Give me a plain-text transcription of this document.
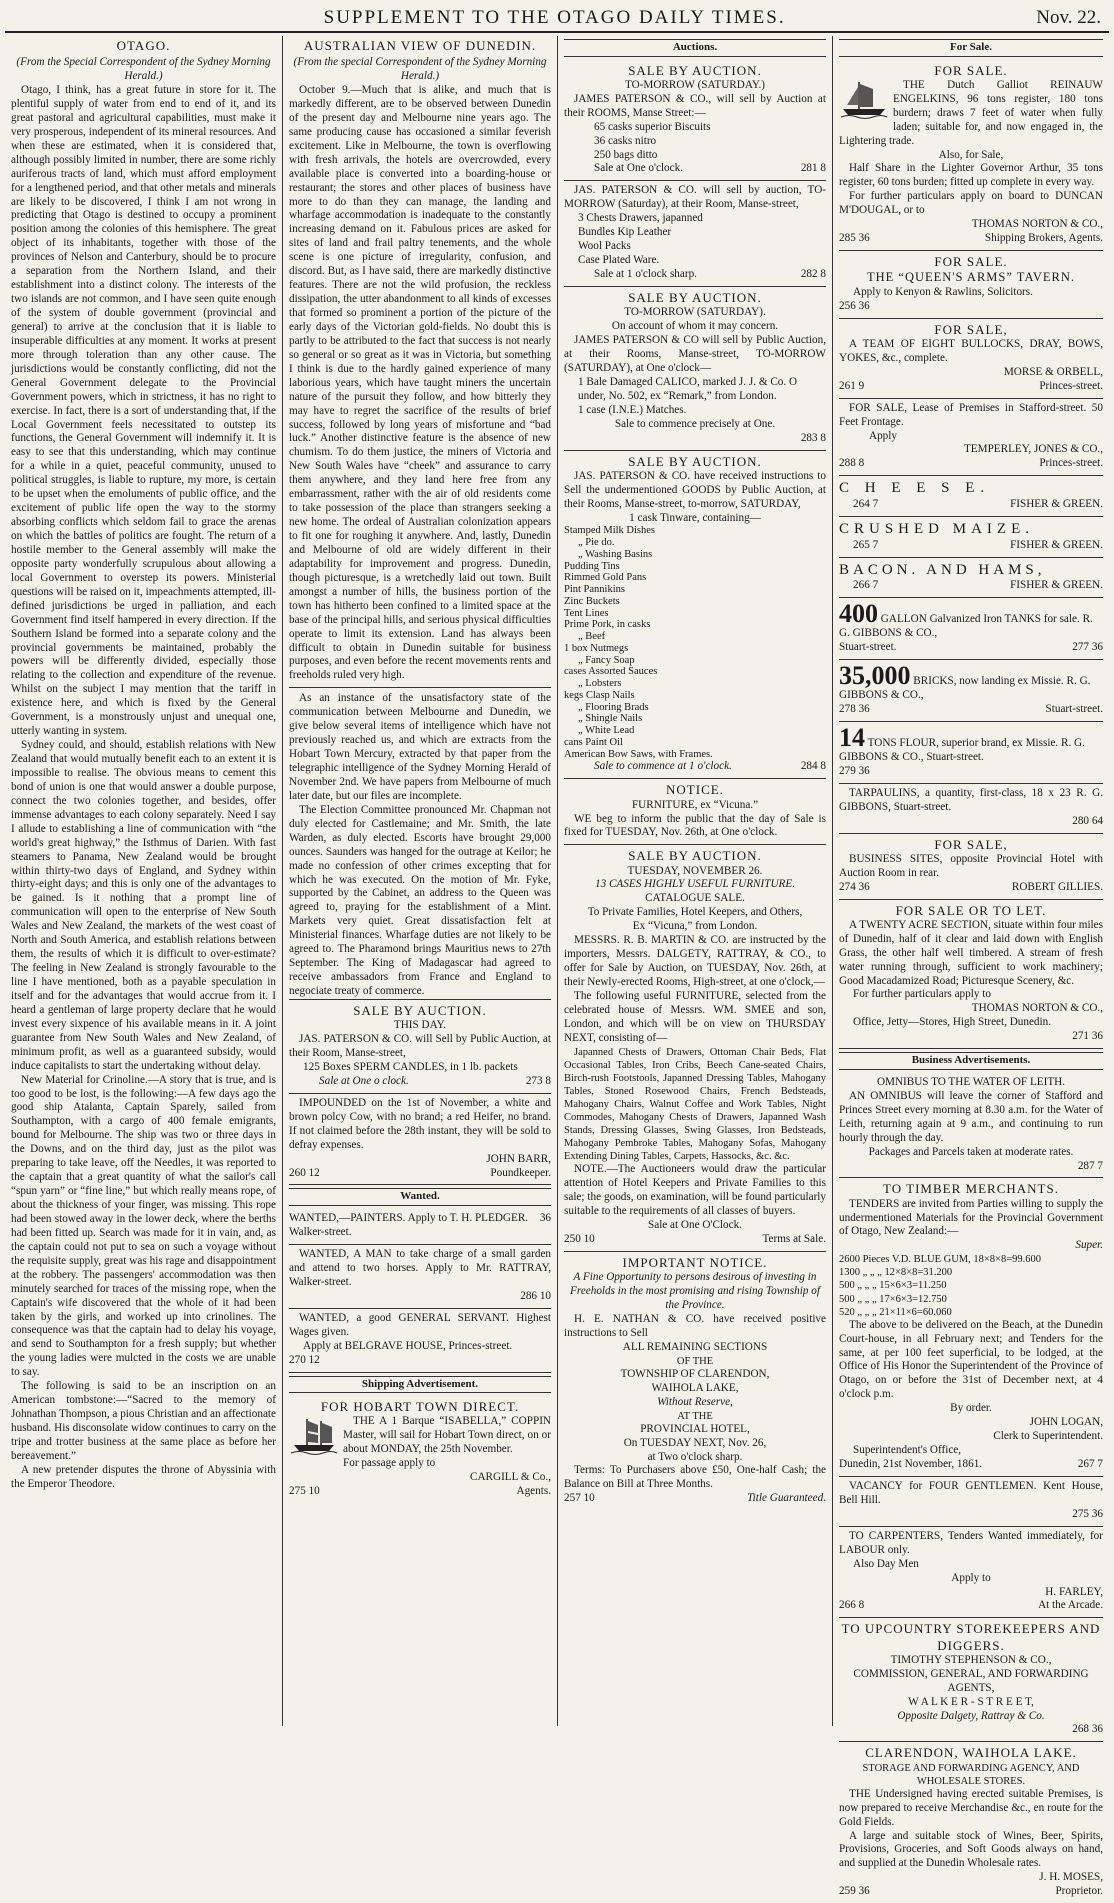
SUPPLEMENT TO THE OTAGO DAILY TIMES.	Nov. 22.

OTAGO.

(From the Special Correspondent of the Sydney Morning Herald.)

Otago, I think, has a great future in store for it. The plentiful supply of water from end to end of it, and its great pastoral and agricultural capabilities, must make it very prosperous, independent of its mineral resources. And when these are estimated, when it is considered that, although possibly limited in number, there are some richly auriferous tracts of land, which must afford employment for a lengthened period, and that other metals and minerals are likely to be discovered, I think I am not wrong in predicting that Otago is destined to occupy a prominent position among the colonies of this hemisphere. The great object of its inhabitants, together with those of the provinces of Nelson and Canterbury, should be to procure a separation from the Northern Island, and their establishment into a distinct colony. The interests of the two islands are not common, and I have seen quite enough of the system of double government (provincial and general) to arrive at the conclusion that it is liable to insuperable difficulties at any moment. It works at present more through toleration than any other cause. The jurisdictions would be constantly conflicting, did not the General Government delegate to the Provincial Government powers, which in strictness, it has no right to exercise. In fact, there is a sort of understanding that, if the Local Government feels necessitated to outstep its functions, the General Government will indemnify it. It is easy to see that this understanding, which may continue for a while in a quiet, peaceful community, unused to political struggles, is liable to rupture, my more, is certain to be upset when the emoluments of public office, and the excitement of public life open the way to the stormy absorbing conflicts which seldom fail to grace the arenas on which the battles of politics are fought. The return of a hostile member to the General assembly will make the opposite party wonderfully scrupulous about allowing a local Government to overstep its powers. Ministerial questions will be raised on it, impeachments attempted, ill-defined jurisdictions be urged in palliation, and each Government find itself hampered in every direction. If the Southern Island be formed into a separate colony and the provincial governments be maintained, probably the powers will be differently divided, especially those relating to the collection and expenditure of the revenue. Whilst on the subject I may mention that the tariff in existence here, and which is fixed by the General Government, is a monstrously unjust and unequal one, utterly wanting in system.

Sydney could, and should, establish relations with New Zealand that would mutually benefit each to an extent it is impossible to realise. The obvious means to cement this bond of union is one that would answer a double purpose, connect the two colonies together, and besides, offer immense advantages to each colony separately. Need I say I allude to establishing a line of communication with “the world's great highway,” the Isthmus of Darien. With fast steamers to Panama, New Zealand would be brought within thirty-two days of England, and Sydney within thirty-eight days; and this is only one of the advantages to be gained. Is it nothing that a prompt line of communication will open to the enterprise of New South Wales and New Zealand, the markets of the west coast of North and South America, and establish relations between them, the results of which it is difficult to over-estimate? The feeling in New Zealand is strongly favourable to the line I have mentioned, both as a payable speculation in itself and for the advantages that would accrue from it. I heard a gentleman of large property declare that he would invest every sixpence of his available means in it. A joint guarantee from New South Wales and New Zealand, of minimum profit, as well as a guaranteed subsidy, would induce capitalists to start the undertaking without delay.

New Material for Crinoline.—A story that is true, and is too good to be lost, is the following:—A few days ago the good ship Atalanta, Captain Sparely, sailed from Southampton, with a cargo of 400 female emigrants, bound for Melbourne. The ship was two or three days in the Downs, and on the third day, just as the pilot was preparing to take leave, off the Needles, it was reported to the captain that a great quantity of what the sailor's call “spun yarn” or “fine line,” but which really means rope, of about the thickness of your finger, was missing. This rope had been stowed away in the lower deck, where the berths had been fitted up. Search was made for it in vain, and, as the captain could not put to sea on such a voyage without the requisite supply, great was his rage and disappointment at the robbery. The passengers' accommodation was then minutely searched for traces of the missing rope, when the Captain's wife discovered that the whole of it had been taken by the girls, and worked up into crinolines. The consequence was that the captain had to delay his voyage, and send to Southampton for a fresh supply; but whether the young ladies were mulcted in the costs we are unable to say.

The following is said to be an inscription on an American tombstone:—“Sacred to the memory of Johnathan Thompson, a pious Christian and an affectionate husband. His disconsolate widow continues to carry on the tripe and trotter business at the same place as before her bereavement.”

A new pretender disputes the throne of Abyssinia with the Emperor Theodore.

AUSTRALIAN VIEW OF DUNEDIN.

(From the special Correspondent of the Sydney Morning Herald.)

October 9.—Much that is alike, and much that is markedly different, are to be observed between Dunedin of the present day and Melbourne nine years ago. The same producing cause has occasioned a similar feverish excitement. Like in Melbourne, the town is overflowing with fresh arrivals, the hotels are overcrowded, every available place is converted into a boarding-house or restaurant; the stores and other places of business have more to do than they can manage, the landing and wharfage accommodation is inadequate to the constantly increasing demand on it. Fabulous prices are asked for sites of land and frail paltry tenements, and the whole scene is one picture of irregularity, confusion, and discord. But, as I have said, there are markedly distinctive features. There are not the wild profusion, the reckless dissipation, the utter abandonment to all kinds of excesses that formed so prominent a portion of the picture of the early days of the Victorian gold-fields. No doubt this is partly to be attributed to the fact that success is not nearly so general or so great as it was in Victoria, but something I think is due to the hardly gained experience of many laborious years, which have taught miners the uncertain nature of the pursuit they follow, and how bitterly they may have to regret the sacrifice of the results of brief success, followed by long years of misfortune and “bad luck.” Another distinctive feature is the absence of new chumism. To do them justice, the miners of Victoria and New South Wales have “cheek” and assurance to carry them anywhere, and they land here free from any embarrassment, rather with the air of old residents come to take possession of the place than strangers seeking a new home. The ordeal of Australian colonization appears to fit one for roughing it anywhere. And, lastly, Dunedin and Melbourne of old are widely different in their adaptability for improvement and progress. Dunedin, though picturesque, is a wretchedly laid out town. Built amongst a number of hills, the business portion of the town has hitherto been confined to a limited space at the base of the principal hills, and serious physical difficulties operate to limit its extension. Land has always been difficult to obtain in Dunedin suitable for business purposes, and even before the recent movements rents and freeholds ruled very high.

As an instance of the unsatisfactory state of the communication between Melbourne and Dunedin, we give below several items of intelligence which have not previously reached us, and which are extracts from the Hobart Town Mercury, extracted by that paper from the telegraphic intelligence of the Sydney Morning Herald of November 2nd. We have papers from Melbourne of much later date, but our files are incomplete.

The Election Committee pronounced Mr. Chapman not duly elected for Castlemaine; and Mr. Smith, the late Warden, as duly elected. Escorts have brought 29,000 ounces. Saunders was hanged for the outrage at Keilor; he made no confession of other crimes excepting that for which he was executed. On the motion of Mr. Fyke, supported by the Cabinet, an address to the Queen was agreed to, praying for the establishment of a Mint. Markets very quiet. Great dissatisfaction felt at Ministerial finances. Wharfage duties are not likely to be agreed to. The Pharamond brings Mauritius news to 27th September. The King of Madagascar had agreed to receive ambassadors from France and England to negociate treaty of commerce.

SALE BY AUCTION.

THIS DAY.

JAS. PATERSON & CO. will Sell by Public Auction, at their Room, Manse-street,

125 Boxes SPERM CANDLES, in 1 lb. packets

Sale at One o clock.	273 8

IMPOUNDED on the 1st of November, a white and brown polcy Cow, with no brand; a red Heifer, no brand. If not claimed before the 28th instant, they will be sold to defray expenses.

JOHN BARR,

260 12	Poundkeeper.

Wanted.

WANTED,—PAINTERS. Apply to T. H. PLEDGER. Walker-street.
36

WANTED, A MAN to take charge of a small garden and attend to two horses. Apply to Mr. RATTRAY, Walker-street.

286 10

WANTED, a good GENERAL SERVANT. Highest Wages given.

Apply at BELGRAVE HOUSE, Princes-street.

270 12

Shipping Advertisement.

FOR HOBART TOWN DIRECT.

THE A 1 Barque “ISABELLA,” COPPIN Master, will sail for Hobart Town direct, on or about MONDAY, the 25th November.

For passage apply to

CARGILL & Co.,

275 10	Agents.

Auctions.

SALE BY AUCTION.

TO-MORROW (SATURDAY.)

JAMES PATERSON & CO., will sell by Auction at their ROOMS, Manse Street:—

65 casks superior Biscuits

36 casks nitro

250 bags ditto

Sale at One o'clock.	281 8

JAS. PATERSON & CO. will sell by auction, TO-MORROW (Saturday), at their Room, Manse-street,

3 Chests Drawers, japanned

Bundles Kip Leather

Wool Packs

Case Plated Ware.

Sale at 1 o'clock sharp.	282 8

SALE BY AUCTION.

TO-MORROW (SATURDAY).

On account of whom it may concern.

JAMES PATERSON & CO will sell by Public Auction, at their Rooms, Manse-street, TO-MORROW (SATURDAY), at One o'clock—

1 Bale Damaged CALICO, marked J. J. & Co. O under, No. 502, ex “Remark,” from London.

1 case (I.N.E.) Matches.

Sale to commence precisely at One.

283 8

SALE BY AUCTION.

JAS. PATERSON & CO. have received instructions to Sell the undermentioned GOODS by Public Auction, at their Rooms, Manse-street, to-morrow, SATURDAY,

1 cask Tinware, containing—

Stamped Milk Dishes

„ Pie do.

„ Washing Basins

Pudding Tins

Rimmed Gold Pans

Pint Pannikins

Zinc Buckets

Tent Lines

Prime Pork, in casks

„ Beef

1 box Nutmegs

„ Fancy Soap

cases Assorted Sauces

„ Lobsters

kegs Clasp Nails

„ Flooring Brads

„ Shingle Nails

„ White Lead

cans Paint Oil

American Bow Saws, with Frames.

Sale to commence at 1 o'clock.	284 8

NOTICE.

FURNITURE, ex “Vicuna.”

WE beg to inform the public that the day of Sale is fixed for TUESDAY, Nov. 26th, at One o'clock.

SALE BY AUCTION.

TUESDAY, NOVEMBER 26.

13 CASES HIGHLY USEFUL FURNITURE.

CATALOGUE SALE.

To Private Families, Hotel Keepers, and Others,

Ex “Vicuna,” from London.

MESSRS. R. B. MARTIN & CO. are instructed by the importers, Messrs. DALGETY, RATTRAY, & CO., to offer for Sale by Auction, on TUESDAY, Nov. 26th, at their Newly-erected Rooms, High-street, at one o'clock,—

The following useful FURNITURE, selected from the celebrated house of Messrs. WM. SMEE and son, London, and which will be on view on THURSDAY NEXT, consisting of—

Japanned Chests of Drawers, Ottoman Chair Beds, Flat Occasional Tables, Iron Cribs, Beech Cane-seated Chairs, Birch-rush Footstools, Japanned Dressing Tables, Mahogany Tables, Stoned Rosewood Chairs, French Bedsteads, Mahogany Chairs, Walnut Coffee and Work Tables, Night Commodes, Mahogany Chests of Drawers, Japanned Wash Stands, Dressing Glasses, Swing Glasses, Iron Bedsteads, Mahogany Pembroke Tables, Mahogany Sofas, Mahogany Extending Dining Tables, Carpets, Hassocks, &c. &c.

NOTE.—The Auctioneers would draw the particular attention of Hotel Keepers and Private Families to this sale; the goods, on examination, will be found particularly suitable to the requirements of all classes of buyers.

Sale at One O'Clock.

250 10	Terms at Sale.

IMPORTANT NOTICE.

A Fine Opportunity to persons desirous of investing in Freeholds in the most promising and rising Township of the Province.

H. E. NATHAN & CO. have received positive instructions to Sell

ALL REMAINING SECTIONS

OF THE

TOWNSHIP OF CLARENDON,

WAIHOLA LAKE,

Without Reserve,

AT THE

PROVINCIAL HOTEL,

On TUESDAY NEXT, Nov. 26,

at Two o'clock sharp.

Terms: To Purchasers above £50, One-half Cash; the Balance on Bill at Three Months.

257 10	Title Guaranteed.

For Sale.

FOR SALE.

THE Dutch Galliot REINAUW ENGELKINS, 96 tons register, 180 tons burdern; draws 7 feet of water when fully laden; suitable for, and now engaged in, the Lightering trade.

Also, for Sale,

Half Share in the Lighter Governor Arthur, 35 tons register, 60 tons burden; fitted up complete in every way.

For further particulars apply on board to DUNCAN M'DOUGAL, or to

THOMAS NORTON & CO.,

285 36	Shipping Brokers, Agents.

FOR SALE.

THE “QUEEN'S ARMS” TAVERN.

Apply to Kenyon & Rawlins, Solicitors.

256 36

FOR SALE,

A TEAM OF EIGHT BULLOCKS, DRAY, BOWS, YOKES, &c., complete.

MORSE & ORBELL,

261 9	Princes-street.

FOR SALE, Lease of Premises in Stafford-street. 50 Feet Frontage.

Apply

TEMPERLEY, JONES & CO.,

288 8	Princes-street.

C H E E S E.

264 7	FISHER & GREEN.

CRUSHED MAIZE.

265 7	FISHER & GREEN.

BACON. AND HAMS,

266 7	FISHER & GREEN.

400 GALLON Galvanized Iron TANKS for sale. R. G. GIBBONS & CO.,

Stuart-street.	277 36

35,000 BRICKS, now landing ex Missie. R. G. GIBBONS & CO.,

278 36	Stuart-street.

14 TONS FLOUR, superior brand, ex Missie. R. G. GIBBONS & CO., Stuart-street.

279 36

TARPAULINS, a quantity, first-class, 18 x 23 R. G. GIBBONS, Stuart-street.

280 64

FOR SALE,

BUSINESS SITES, opposite Provincial Hotel with Auction Room in rear.

274 36	ROBERT GILLIES.

FOR SALE OR TO LET.

A TWENTY ACRE SECTION, situate within four miles of Dunedin, half of it clear and laid down with English Grass, the other half well timbered. A stream of fresh water running through, sufficient to work machinery; Good Macadamized Road; Picturesque Scenery, &c.

For further particulars apply to

THOMAS NORTON & CO.,

Office, Jetty—Stores, High Street, Dunedin.

271 36

Business Advertisements.

OMNIBUS TO THE WATER OF LEITH.

AN OMNIBUS will leave the corner of Stafford and Princes Street every morning at 8.30 a.m. for the Water of Leith, returning again at 9 a.m., and continuing to run hourly through the day.

Packages and Parcels taken at moderate rates.

287 7

TO TIMBER MERCHANTS.

TENDERS are invited from Parties willing to supply the undermentioned Materials for the Provincial Government of Otago, New Zealand:—

Super.

2600 Pieces V.D. BLUE GUM, 18×8×8=99.600

1300 „ „ „ 12×8×8=31.200

500 „ „ „ 15×6×3=11.250

500 „ „ „ 17×6×3=12.750

520 „ „ „ 21×11×6=60.060

The above to be delivered on the Beach, at the Dunedin Court-house, in all February next; and Tenders for the same, at per 100 feet superficial, to be lodged, at the Office of His Honor the Superintendent of the Province of Otago, on or before the 31st of December next, at 4 o'clock p.m.

By order.

JOHN LOGAN,

Clerk to Superintendent.

Superintendent's Office,

Dunedin, 21st November, 1861.	267 7

VACANCY for FOUR GENTLEMEN. Kent House, Bell Hill.

275 36

TO CARPENTERS, Tenders Wanted immediately, for LABOUR only.

Also Day Men

Apply to

H. FARLEY,

266 8	At the Arcade.

TO UPCOUNTRY STOREKEEPERS AND DIGGERS.

TIMOTHY STEPHENSON & CO.,

COMMISSION, GENERAL, AND FORWARDING AGENTS,

W A L K E R - S T R E E T,

Opposite Dalgety, Rattray & Co.

268 36

CLARENDON, WAIHOLA LAKE.

STORAGE AND FORWARDING AGENCY, AND WHOLESALE STORES.

THE Undersigned having erected suitable Premises, is now prepared to receive Merchandise &c., en route for the Gold Fields.

A large and suitable stock of Wines, Beer, Spirits, Provisions, Groceries, and Soft Goods always on hand, and supplied at the Dunedin Wholesale rates.

J. H. MOSES,

259 36	Proprietor.
